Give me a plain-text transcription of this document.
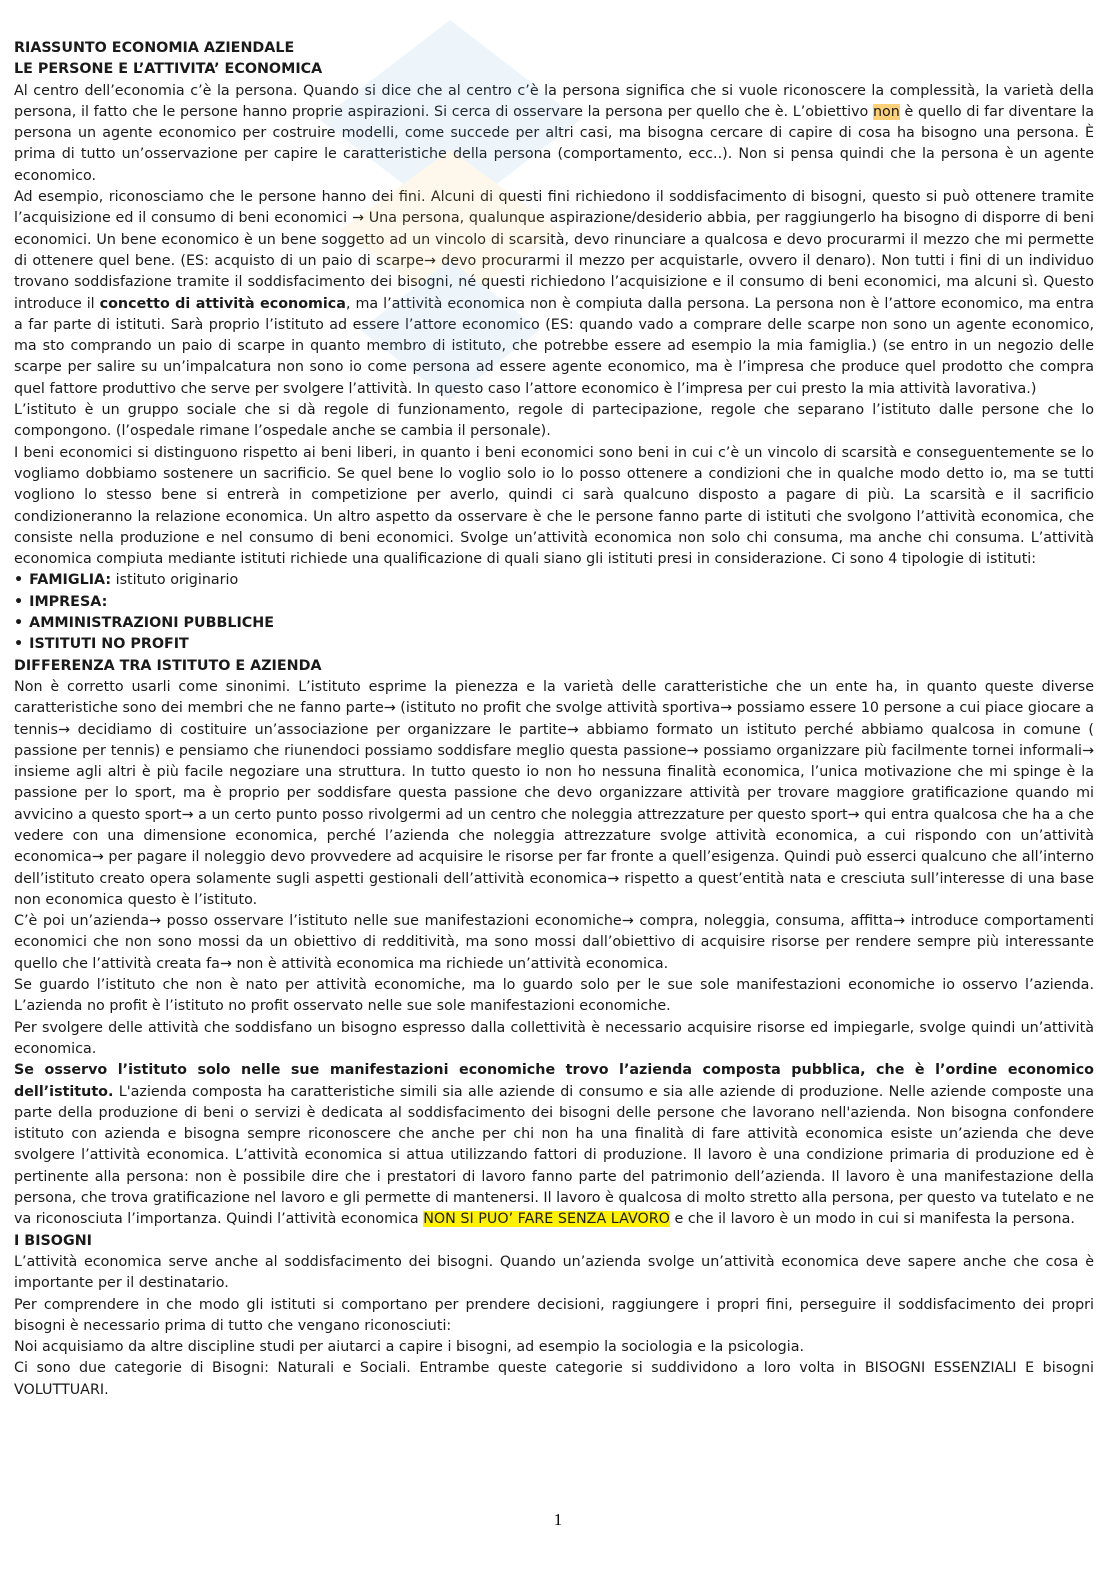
RIASSUNTO ECONOMIA AZIENDALE
LE PERSONE E L’ATTIVITA’ ECONOMICA

Al centro dell’economia c’è la persona. Quando si dice che al centro c’è la persona significa che si vuole riconoscere la complessità, la varietà della persona, il fatto che le persone hanno proprie aspirazioni. Si cerca di osservare la persona per quello che è. L’obiettivo non è quello di far diventare la persona un agente economico per costruire modelli, come succede per altri casi, ma bisogna cercare di capire di cosa ha bisogno una persona. È prima di tutto un’osservazione per capire le caratteristiche della persona (comportamento, ecc..). Non si pensa quindi che la persona è un agente economico.

Ad esempio, riconosciamo che le persone hanno dei fini. Alcuni di questi fini richiedono il soddisfacimento di bisogni, questo si può ottenere tramite l’acquisizione ed il consumo di beni economici → Una persona, qualunque aspirazione/desiderio abbia, per raggiungerlo ha bisogno di disporre di beni economici. Un bene economico è un bene soggetto ad un vincolo di scarsità, devo rinunciare a qualcosa e devo procurarmi il mezzo che mi permette di ottenere quel bene. (ES: acquisto di un paio di scarpe→ devo procurarmi il mezzo per acquistarle, ovvero il denaro). Non tutti i fini di un individuo trovano soddisfazione tramite il soddisfacimento dei bisogni, né questi richiedono l’acquisizione e il consumo di beni economici, ma alcuni sì. Questo introduce il concetto di attività economica, ma l’attività economica non è compiuta dalla persona. La persona non è l’attore economico, ma entra a far parte di istituti. Sarà proprio l’istituto ad essere l’attore economico (ES: quando vado a comprare delle scarpe non sono un agente economico, ma sto comprando un paio di scarpe in quanto membro di istituto, che potrebbe essere ad esempio la mia famiglia.) (se entro in un negozio delle scarpe per salire su un’impalcatura non sono io come persona ad essere agente economico, ma è l’impresa che produce quel prodotto che compra quel fattore produttivo che serve per svolgere l’attività. In questo caso l’attore economico è l’impresa per cui presto la mia attività lavorativa.)

L’istituto è un gruppo sociale che si dà regole di funzionamento, regole di partecipazione, regole che separano l’istituto dalle persone che lo compongono. (l’ospedale rimane l’ospedale anche se cambia il personale).

I beni economici si distinguono rispetto ai beni liberi, in quanto i beni economici sono beni in cui c’è un vincolo di scarsità e conseguentemente se lo vogliamo dobbiamo sostenere un sacrificio. Se quel bene lo voglio solo io lo posso ottenere a condizioni che in qualche modo detto io, ma se tutti vogliono lo stesso bene si entrerà in competizione per averlo, quindi ci sarà qualcuno disposto a pagare di più. La scarsità e il sacrificio condizioneranno la relazione economica. Un altro aspetto da osservare è che le persone fanno parte di istituti che svolgono l’attività economica, che consiste nella produzione e nel consumo di beni economici. Svolge un’attività economica non solo chi consuma, ma anche chi consuma. L’attività economica compiuta mediante istituti richiede una qualificazione di quali siano gli istituti presi in considerazione. Ci sono 4 tipologie di istituti:

• FAMIGLIA: istituto originario
• IMPRESA:
• AMMINISTRAZIONI PUBBLICHE
• ISTITUTI NO PROFIT
DIFFERENZA TRA ISTITUTO E AZIENDA

Non è corretto usarli come sinonimi. L’istituto esprime la pienezza e la varietà delle caratteristiche che un ente ha, in quanto queste diverse caratteristiche sono dei membri che ne fanno parte→ (istituto no profit che svolge attività sportiva→ possiamo essere 10 persone a cui piace giocare a tennis→ decidiamo di costituire un’associazione per organizzare le partite→ abbiamo formato un istituto perché abbiamo qualcosa in comune ( passione per tennis) e pensiamo che riunendoci possiamo soddisfare meglio questa passione→ possiamo organizzare più facilmente tornei informali→ insieme agli altri è più facile negoziare una struttura. In tutto questo io non ho nessuna finalità economica, l’unica motivazione che mi spinge è la passione per lo sport, ma è proprio per soddisfare questa passione che devo organizzare attività per trovare maggiore gratificazione quando mi avvicino a questo sport→ a un certo punto posso rivolgermi ad un centro che noleggia attrezzature per questo sport→ qui entra qualcosa che ha a che vedere con una dimensione economica, perché l’azienda che noleggia attrezzature svolge attività economica, a cui rispondo con un’attività economica→ per pagare il noleggio devo provvedere ad acquisire le risorse per far fronte a quell’esigenza. Quindi può esserci qualcuno che all’interno dell’istituto creato opera solamente sugli aspetti gestionali dell’attività economica→ rispetto a quest’entità nata e cresciuta sull’interesse di una base non economica questo è l’istituto.

C’è poi un’azienda→ posso osservare l’istituto nelle sue manifestazioni economiche→ compra, noleggia, consuma, affitta→ introduce comportamenti economici che non sono mossi da un obiettivo di redditività, ma sono mossi dall’obiettivo di acquisire risorse per rendere sempre più interessante quello che l’attività creata fa→ non è attività economica ma richiede un’attività economica.

Se guardo l’istituto che non è nato per attività economiche, ma lo guardo solo per le sue sole manifestazioni economiche io osservo l’azienda. L’azienda no profit è l’istituto no profit osservato nelle sue sole manifestazioni economiche.

Per svolgere delle attività che soddisfano un bisogno espresso dalla collettività è necessario acquisire risorse ed impiegarle, svolge quindi un’attività economica.

Se osservo l’istituto solo nelle sue manifestazioni economiche trovo l’azienda composta pubblica, che è l’ordine economico dell’istituto. L'azienda composta ha caratteristiche simili sia alle aziende di consumo e sia alle aziende di produzione. Nelle aziende composte una parte della produzione di beni o servizi è dedicata al soddisfacimento dei bisogni delle persone che lavorano nell'azienda. Non bisogna confondere istituto con azienda e bisogna sempre riconoscere che anche per chi non ha una finalità di fare attività economica esiste un’azienda che deve svolgere l’attività economica. L’attività economica si attua utilizzando fattori di produzione. Il lavoro è una condizione primaria di produzione ed è pertinente alla persona: non è possibile dire che i prestatori di lavoro fanno parte del patrimonio dell’azienda. Il lavoro è una manifestazione della persona, che trova gratificazione nel lavoro e gli permette di mantenersi. Il lavoro è qualcosa di molto stretto alla persona, per questo va tutelato e ne va riconosciuta l’importanza. Quindi l’attività economica NON SI PUO’ FARE SENZA LAVORO e che il lavoro è un modo in cui si manifesta la persona.

I BISOGNI

L’attività economica serve anche al soddisfacimento dei bisogni. Quando un’azienda svolge un’attività economica deve sapere anche che cosa è importante per il destinatario.

Per comprendere in che modo gli istituti si comportano per prendere decisioni, raggiungere i propri fini, perseguire il soddisfacimento dei propri bisogni è necessario prima di tutto che vengano riconosciuti:

Noi acquisiamo da altre discipline studi per aiutarci a capire i bisogni, ad esempio la sociologia e la psicologia.

Ci sono due categorie di Bisogni: Naturali e Sociali. Entrambe queste categorie si suddividono a loro volta in BISOGNI ESSENZIALI E bisogni VOLUTTUARI.

1
